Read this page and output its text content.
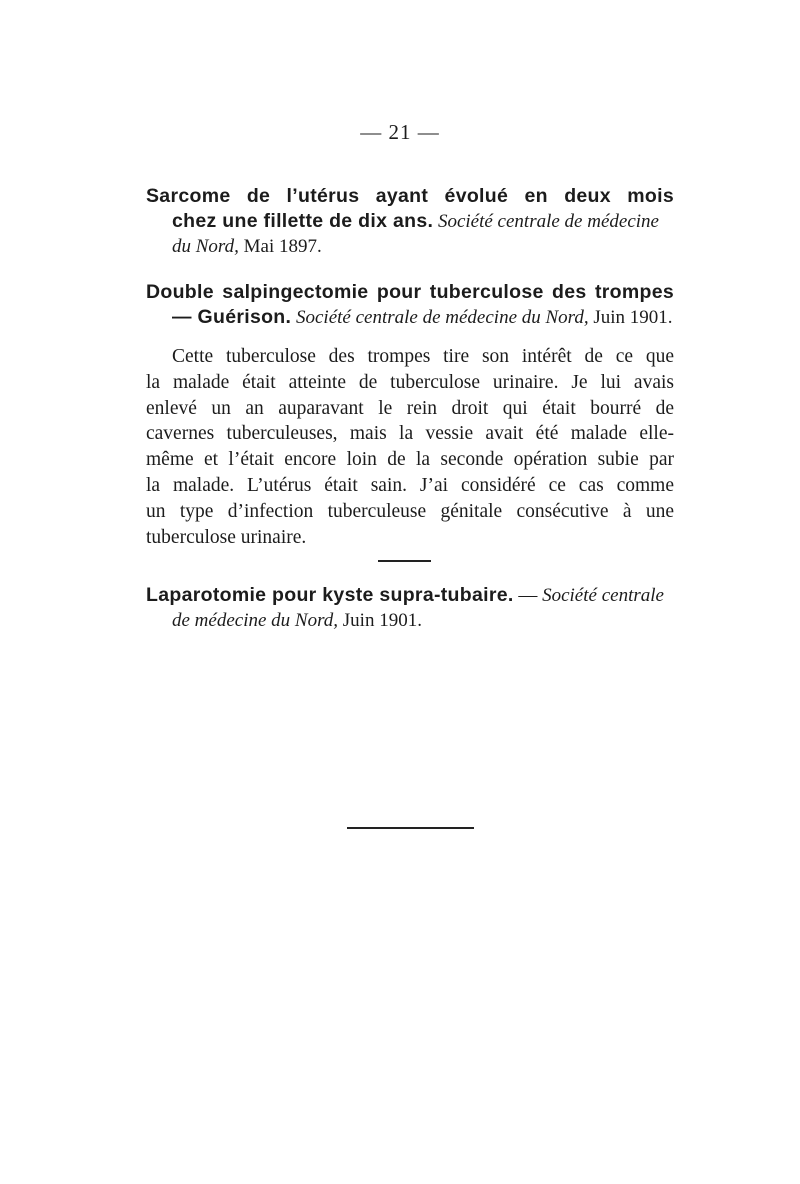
— 21 —
Sarcome de l’utérus ayant évolué en deux mois
chez une fillette de dix ans. Société centrale de médecine
du Nord, Mai 1897.
Double salpingectomie pour tuberculose des trompes
— Guérison. Société centrale de médecine du Nord, Juin 1901.
Cette tuberculose des trompes tire son intérêt de ce que
la malade était atteinte de tuberculose urinaire. Je lui avais
enlevé un an auparavant le rein droit qui était bourré de
cavernes tuberculeuses, mais la vessie avait été malade elle-
même et l’était encore loin de la seconde opération subie par
la malade. L’utérus était sain. J’ai considéré ce cas comme
un type d’infection tuberculeuse génitale consécutive à une
tuberculose urinaire.
Laparotomie pour kyste supra-tubaire. — Société centrale
de médecine du Nord, Juin 1901.
